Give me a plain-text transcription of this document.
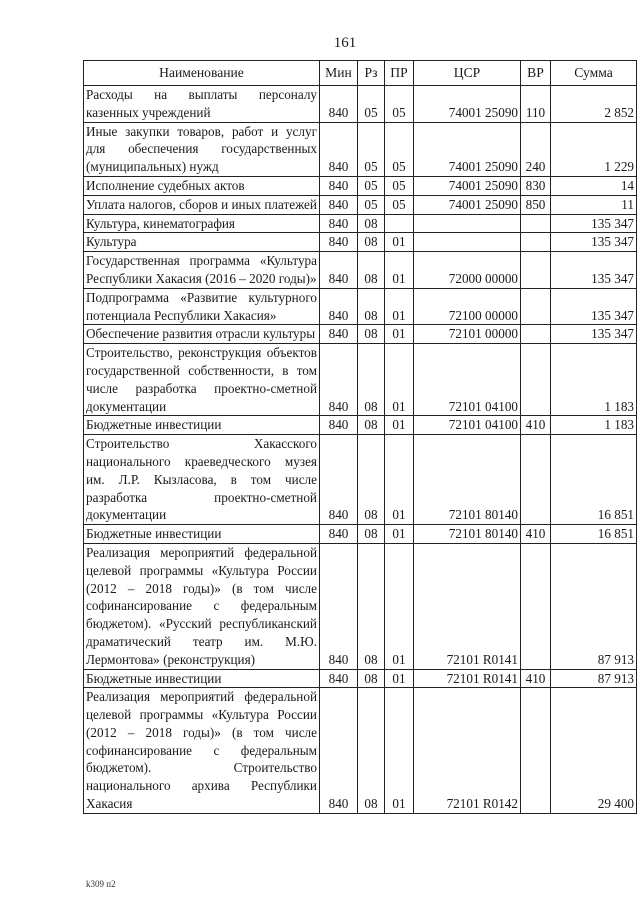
161
Наименование	Мин	Рз	ПР	ЦСР	ВР	Сумма
Расходы на выплаты персоналу казенных учреждений	840	05	05	74001 25090	110	2 852
Иные закупки товаров, работ и услуг для обеспечения государственных (муниципальных) нужд	840	05	05	74001 25090	240	1 229
Исполнение судебных актов	840	05	05	74001 25090	830	14
Уплата налогов, сборов и иных платежей	840	05	05	74001 25090	850	11
Культура, кинематография	840	08				135 347
Культура	840	08	01			135 347
Государственная программа «Культура Республики Хакасия (2016 – 2020 годы)»	840	08	01	72000 00000		135 347
Подпрограмма «Развитие культурного потенциала Республики Хакасия»	840	08	01	72100 00000		135 347
Обеспечение развития отрасли культуры	840	08	01	72101 00000		135 347
Строительство, реконструкция объектов государственной собственности, в том числе разработка проектно-сметной документации	840	08	01	72101 04100		1 183
Бюджетные инвестиции	840	08	01	72101 04100	410	1 183
Строительство Хакасского национального краеведческого музея им. Л.Р. Кызласова, в том числе разработка проектно-сметной документации	840	08	01	72101 80140		16 851
Бюджетные инвестиции	840	08	01	72101 80140	410	16 851
Реализация мероприятий федеральной целевой программы «Культура России (2012 – 2018 годы)» (в том числе софинансирование с федеральным бюджетом). «Русский республиканский драматический театр им. М.Ю. Лермонтова» (реконструкция)	840	08	01	72101 R0141		87 913
Бюджетные инвестиции	840	08	01	72101 R0141	410	87 913
Реализация мероприятий федеральной целевой программы «Культура России (2012 – 2018 годы)» (в том числе софинансирование с федеральным бюджетом). Строительство национального архива Республики Хакасия	840	08	01	72101 R0142		29 400
k309 п2
